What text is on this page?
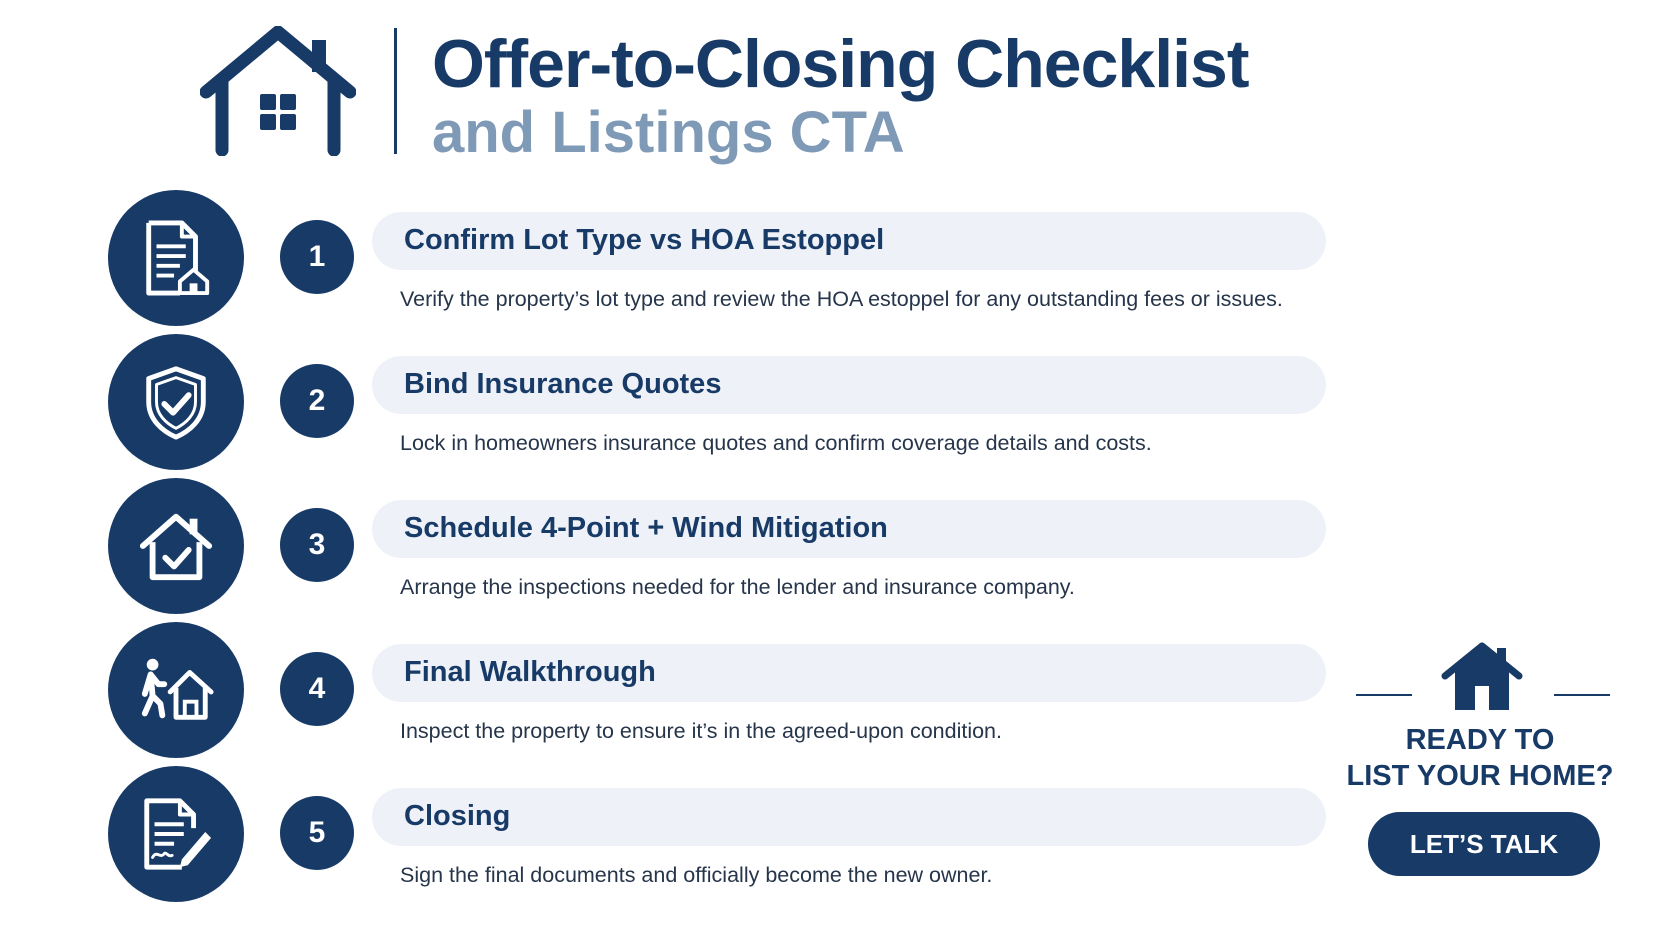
Offer-to-Closing Checklist
and Listings CTA
1	Confirm Lot Type vs HOA Estoppel

Verify the property’s lot type and review the HOA estoppel for any outstanding fees or issues.

2	Bind Insurance Quotes

Lock in homeowners insurance quotes and confirm coverage details and costs.

3	Schedule 4-Point + Wind Mitigation

Arrange the inspections needed for the lender and insurance company.

4	Final Walkthrough

Inspect the property to ensure it’s in the agreed-upon condition.

5	Closing

Sign the final documents and officially become the new owner.

READY TO
LIST YOUR HOME?
LET’S TALK
